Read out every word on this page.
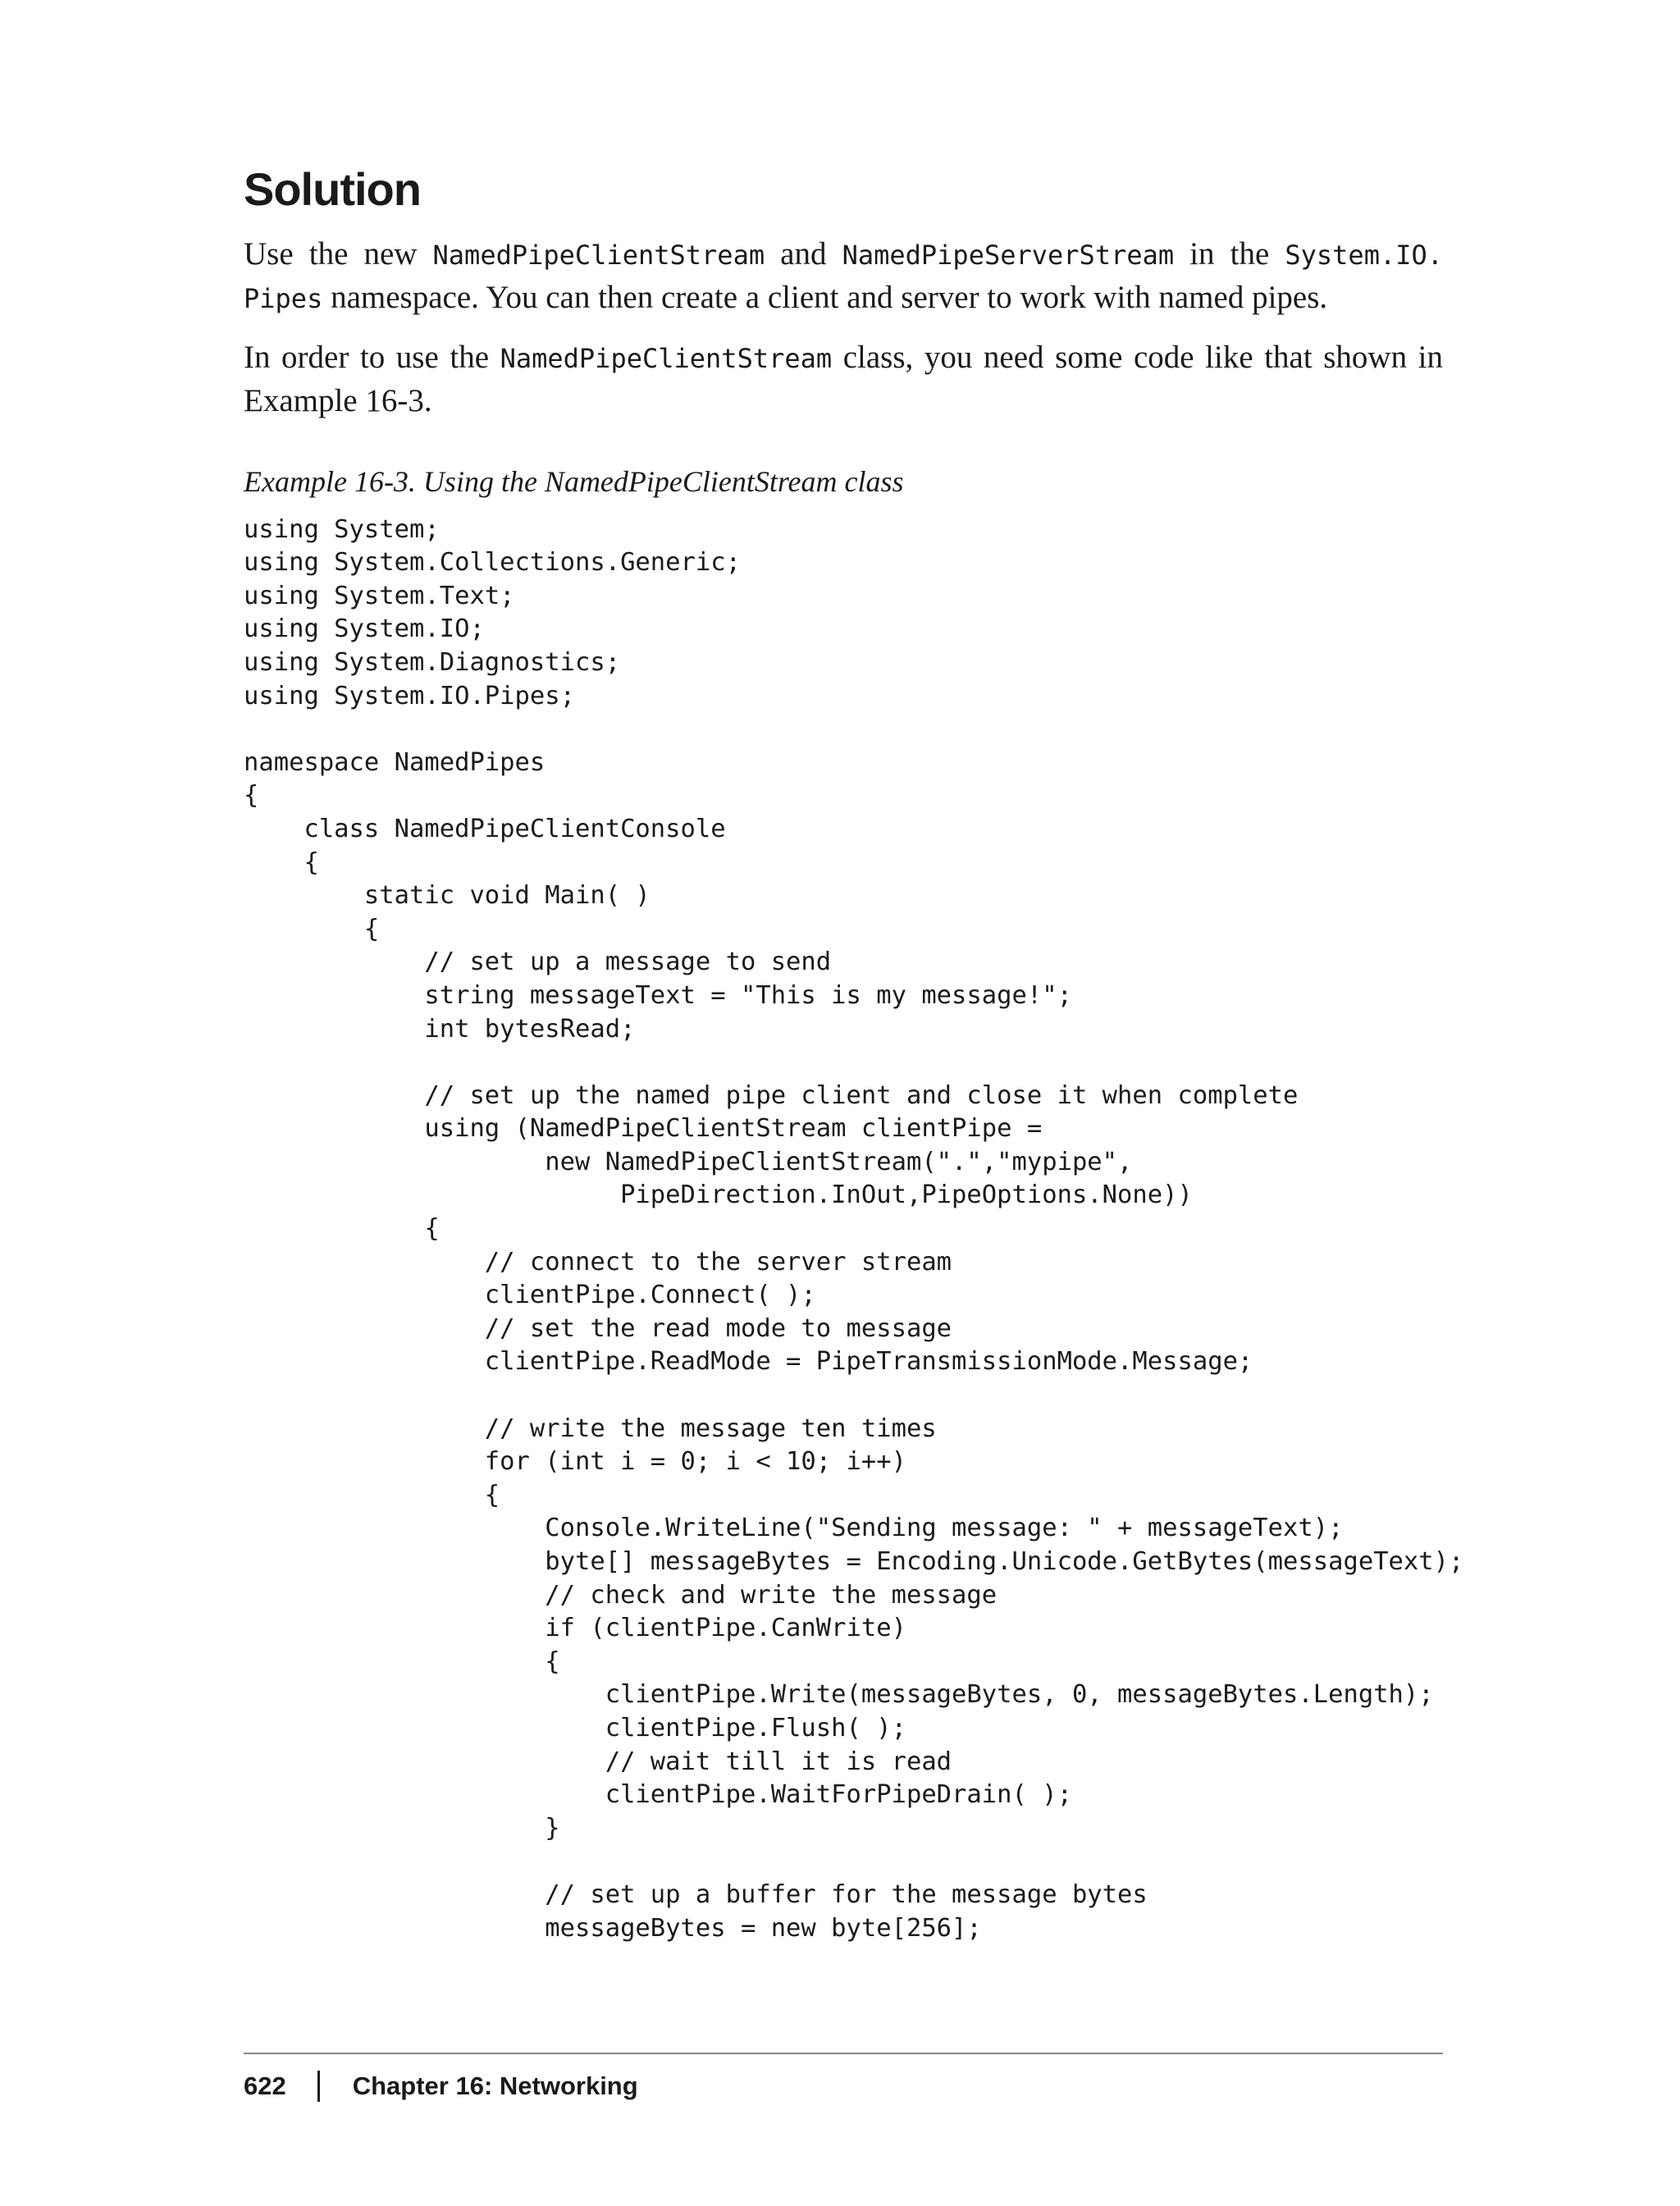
Solution

Use the new NamedPipeClientStream and NamedPipeServerStream in the System.IO. Pipes namespace. You can then create a client and server to work with named pipes.

In order to use the NamedPipeClientStream class, you need some code like that shown in Example 16-3.

Example 16-3. Using the NamedPipeClientStream class
using System;
using System.Collections.Generic;
using System.Text;
using System.IO;
using System.Diagnostics;
using System.IO.Pipes;

namespace NamedPipes
{
class NamedPipeClientConsole
{
static void Main( )
{
// set up a message to send
string messageText = "This is my message!";
int bytesRead;

// set up the named pipe client and close it when complete
using (NamedPipeClientStream clientPipe =
new NamedPipeClientStream(".","mypipe",
PipeDirection.InOut,PipeOptions.None))
{
// connect to the server stream
clientPipe.Connect( );
// set the read mode to message
clientPipe.ReadMode = PipeTransmissionMode.Message;

// write the message ten times
for (int i = 0; i < 10; i++)
{
Console.WriteLine("Sending message: " + messageText);
byte[] messageBytes = Encoding.Unicode.GetBytes(messageText);
// check and write the message
if (clientPipe.CanWrite)
{
clientPipe.Write(messageBytes, 0, messageBytes.Length);
clientPipe.Flush( );
// wait till it is read
clientPipe.WaitForPipeDrain( );
}

// set up a buffer for the message bytes
messageBytes = new byte[256];
622	Chapter 16: Networking
